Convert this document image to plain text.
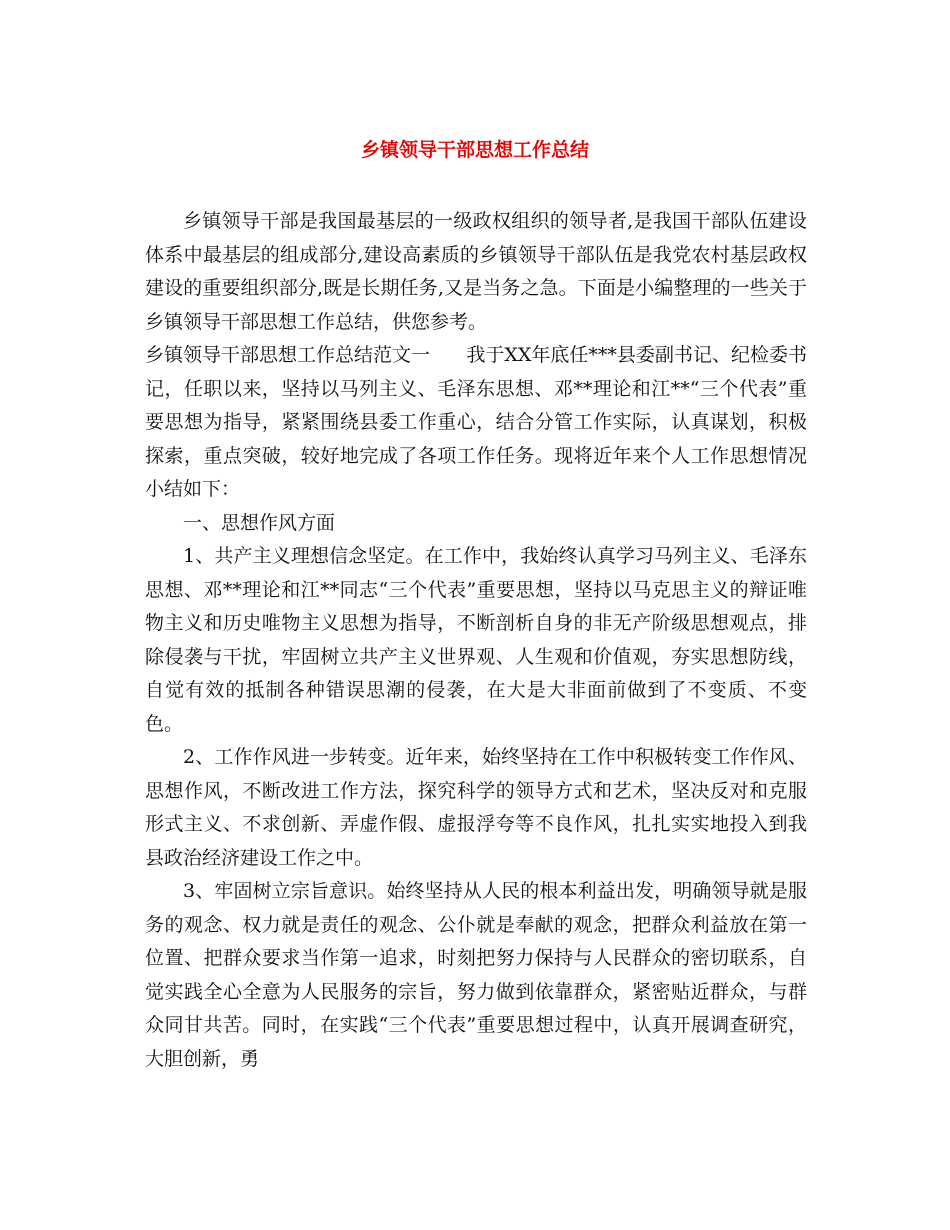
乡镇领导干部思想工作总结

乡镇领导干部是我国最基层的一级政权组织的领导者,是我国干部队伍建设体系中最基层的组成部分,建设高素质的乡镇领导干部队伍是我党农村基层政权建设的重要组织部分,既是长期任务,又是当务之急。下面是小编整理的一些关于乡镇领导干部思想工作总结，供您参考。

乡镇领导干部思想工作总结范文一 我于XX年底任***县委副书记、纪检委书记，任职以来，坚持以马列主义、毛泽东思想、邓**理论和江**“三个代表”重要思想为指导，紧紧围绕县委工作重心，结合分管工作实际，认真谋划，积极探索，重点突破，较好地完成了各项工作任务。现将近年来个人工作思想情况小结如下：

一、思想作风方面

1、共产主义理想信念坚定。在工作中，我始终认真学习马列主义、毛泽东思想、邓**理论和江**同志“三个代表”重要思想，坚持以马克思主义的辩证唯物主义和历史唯物主义思想为指导，不断剖析自身的非无产阶级思想观点，排除侵袭与干扰，牢固树立共产主义世界观、人生观和价值观，夯实思想防线，自觉有效的抵制各种错误思潮的侵袭，在大是大非面前做到了不变质、不变色。

2、工作作风进一步转变。近年来，始终坚持在工作中积极转变工作作风、思想作风，不断改进工作方法，探究科学的领导方式和艺术，坚决反对和克服形式主义、不求创新、弄虚作假、虚报浮夸等不良作风，扎扎实实地投入到我县政治经济建设工作之中。

3、牢固树立宗旨意识。始终坚持从人民的根本利益出发，明确领导就是服务的观念、权力就是责任的观念、公仆就是奉献的观念，把群众利益放在第一位置、把群众要求当作第一追求，时刻把努力保持与人民群众的密切联系，自觉实践全心全意为人民服务的宗旨，努力做到依靠群众，紧密贴近群众，与群众同甘共苦。同时，在实践“三个代表”重要思想过程中，认真开展调查研究，大胆创新，勇
